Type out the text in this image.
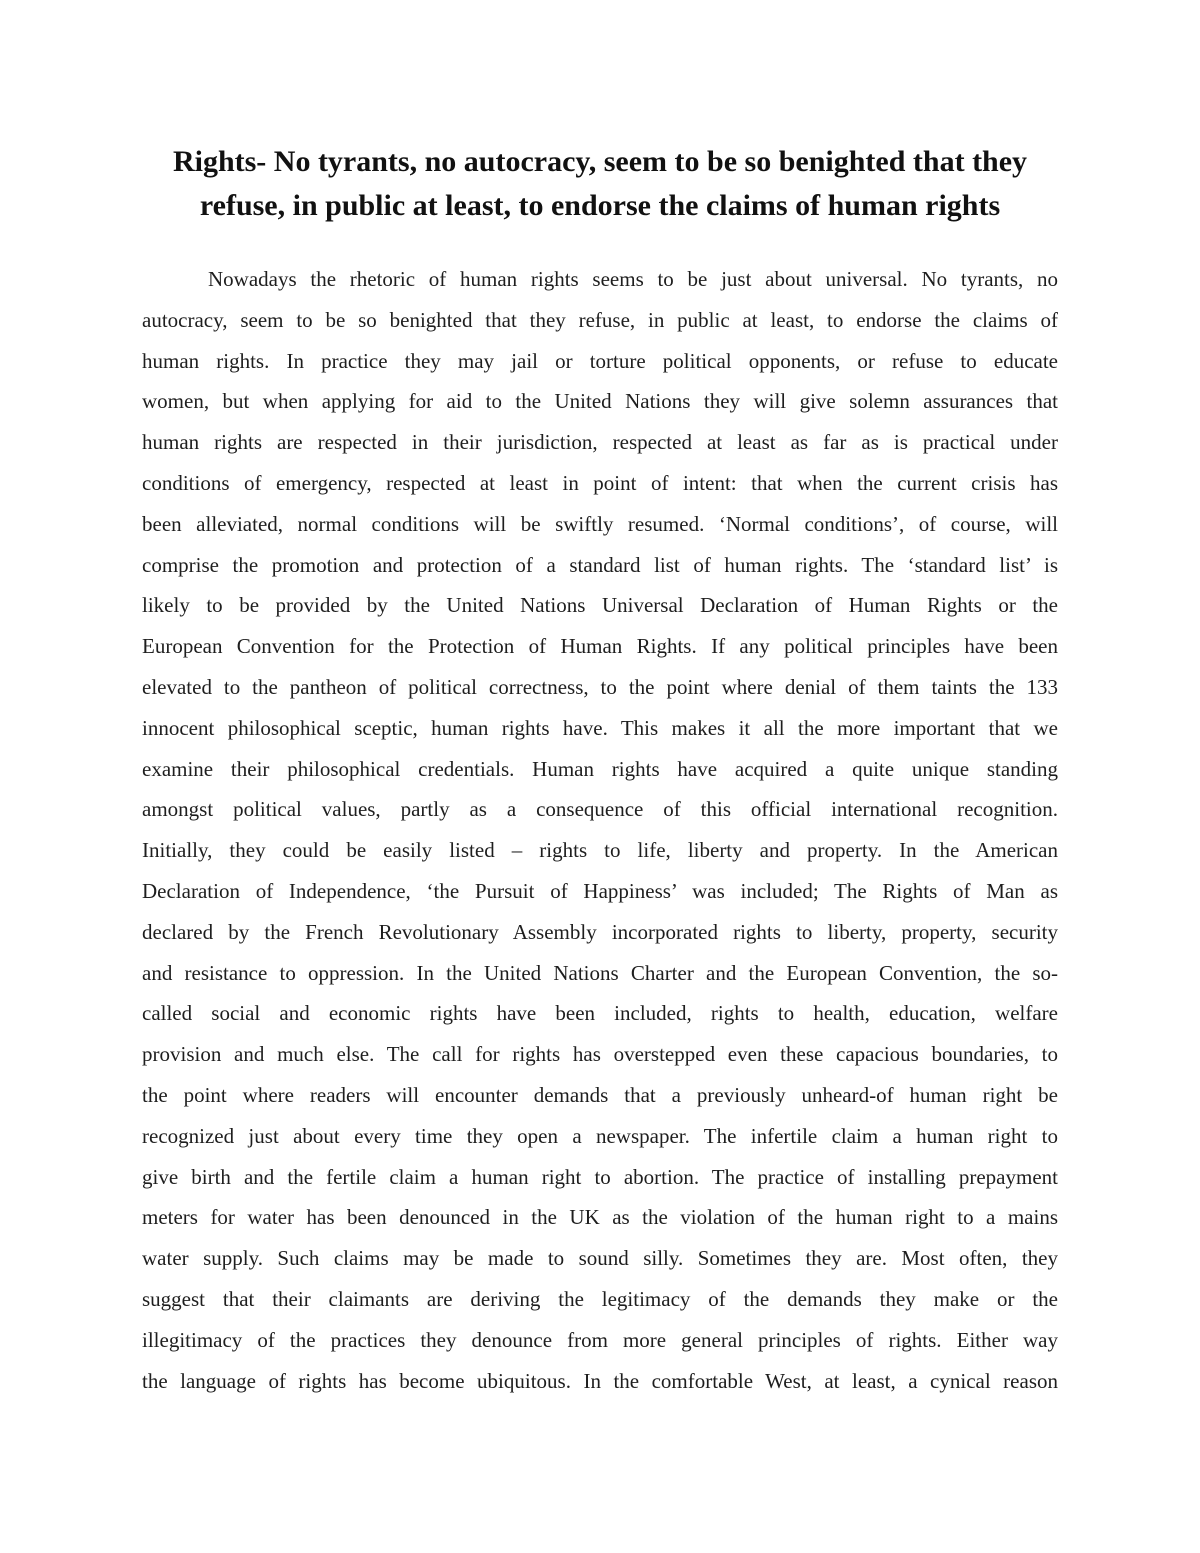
Rights- No tyrants, no autocracy, seem to be so benighted that they
refuse, in public at least, to endorse the claims of human rights
Nowadays the rhetoric of human rights seems to be just about universal. No tyrants, no
autocracy, seem to be so benighted that they refuse, in public at least, to endorse the claims of
human rights. In practice they may jail or torture political opponents, or refuse to educate
women, but when applying for aid to the United Nations they will give solemn assurances that
human rights are respected in their jurisdiction, respected at least as far as is practical under
conditions of emergency, respected at least in point of intent: that when the current crisis has
been alleviated, normal conditions will be swiftly resumed. ‘Normal conditions’, of course, will
comprise the promotion and protection of a standard list of human rights. The ‘standard list’ is
likely to be provided by the United Nations Universal Declaration of Human Rights or the
European Convention for the Protection of Human Rights. If any political principles have been
elevated to the pantheon of political correctness, to the point where denial of them taints the 133
innocent philosophical sceptic, human rights have. This makes it all the more important that we
examine their philosophical credentials. Human rights have acquired a quite unique standing
amongst political values, partly as a consequence of this official international recognition.
Initially, they could be easily listed – rights to life, liberty and property. In the American
Declaration of Independence, ‘the Pursuit of Happiness’ was included; The Rights of Man as
declared by the French Revolutionary Assembly incorporated rights to liberty, property, security
and resistance to oppression. In the United Nations Charter and the European Convention, the so-
called social and economic rights have been included, rights to health, education, welfare
provision and much else. The call for rights has overstepped even these capacious boundaries, to
the point where readers will encounter demands that a previously unheard-of human right be
recognized just about every time they open a newspaper. The infertile claim a human right to
give birth and the fertile claim a human right to abortion. The practice of installing prepayment
meters for water has been denounced in the UK as the violation of the human right to a mains
water supply. Such claims may be made to sound silly. Sometimes they are. Most often, they
suggest that their claimants are deriving the legitimacy of the demands they make or the
illegitimacy of the practices they denounce from more general principles of rights. Either way
the language of rights has become ubiquitous. In the comfortable West, at least, a cynical reason
